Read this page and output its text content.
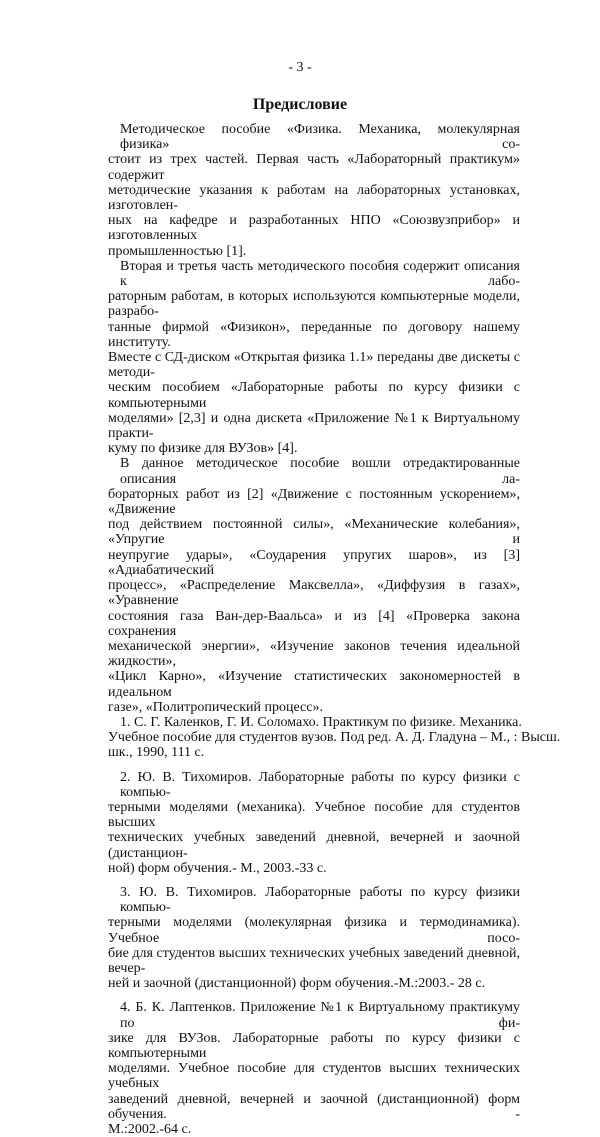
- 3 -
Предисловие
Методическое пособие «Физика. Механика, молекулярная физика» со-
стоит из трех частей. Первая часть «Лабораторный практикум» содержит
методические указания к работам на лабораторных установках, изготовлен-
ных на кафедре и разработанных НПО «Союзвузприбор» и изготовленных
промышленностью [1].
Вторая и третья часть методического пособия содержит описания к лабо-
раторным работам, в которых используются компьютерные модели, разрабо-
танные фирмой «Физикон», переданные по договору нашему институту.
Вместе с СД-диском «Открытая физика 1.1» переданы две дискеты с методи-
ческим пособием «Лабораторные работы по курсу физики с компьютерными
моделями» [2,3] и одна дискета «Приложение №1 к Виртуальному практи-
куму по физике для ВУЗов» [4].
В данное методическое пособие вошли отредактированные описания ла-
бораторных работ из [2] «Движение с постоянным ускорением», «Движение
под действием постоянной силы», «Механические колебания», «Упругие и
неупругие удары», «Соударения упругих шаров», из [3] «Адиабатический
процесс», «Распределение Максвелла», «Диффузия в газах», «Уравнение
состояния газа Ван-дер-Ваальса» и из [4] «Проверка закона сохранения
механической энергии», «Изучение законов течения идеальной жидкости»,
«Цикл Карно», «Изучение статистических закономерностей в идеальном
газе», «Политропический процесс».
1. С. Г. Каленков, Г. И. Соломахо. Практикум по физике. Механика.
Учебное пособие для студентов вузов. Под ред. А. Д. Гладуна – М., : Высш.
шк., 1990, 111 с.
2. Ю. В. Тихомиров. Лабораторные работы по курсу физики с компью-
терными моделями (механика). Учебное пособие для студентов высших
технических учебных заведений дневной, вечерней и заочной (дистанцион-
ной) форм обучения.- М., 2003.-33 с.
3. Ю. В. Тихомиров. Лабораторные работы по курсу физики компью-
терными моделями (молекулярная физика и термодинамика). Учебное посо-
бие для студентов высших технических учебных заведений дневной, вечер-
ней и заочной (дистанционной) форм обучения.-М.:2003.- 28 с.
4. Б. К. Лаптенков. Приложение №1 к Виртуальному практикуму по фи-
зике для ВУЗов. Лабораторные работы по курсу физики с компьютерными
моделями. Учебное пособие для студентов высших технических учебных
заведений дневной, вечерней и заочной (дистанционной) форм обучения. -
М.:2002.-64 с.
